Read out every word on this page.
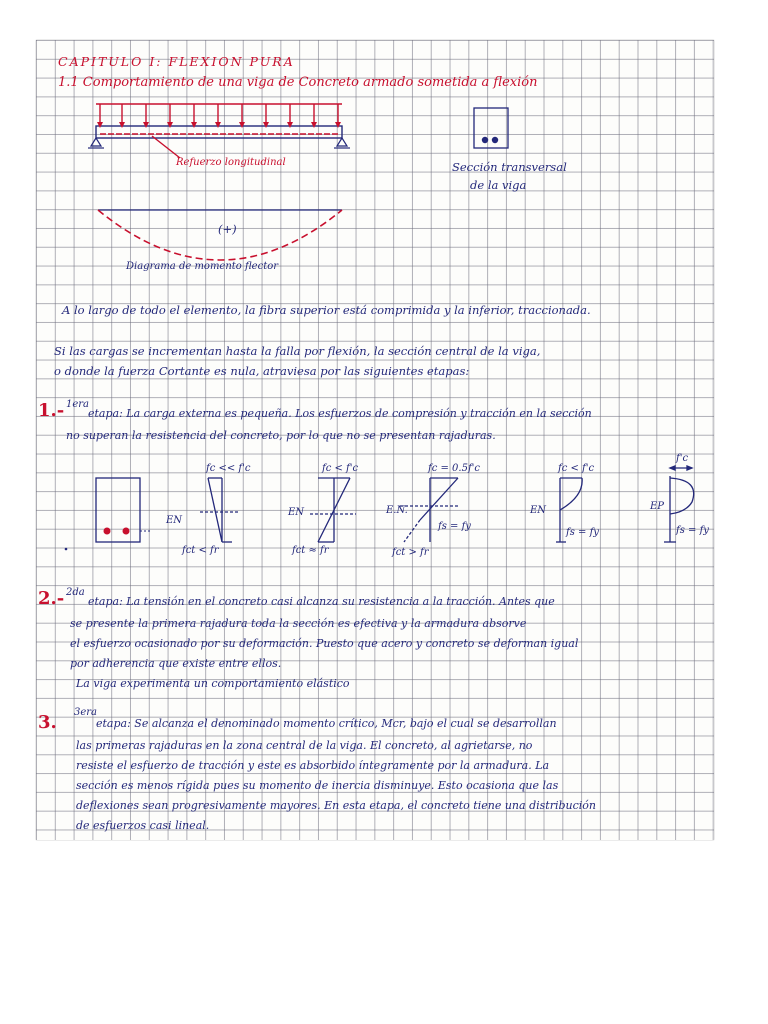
CAPITULO I: FLEXION PURA
1.1 Comportamiento de una viga de Concreto armado sometida a flexión
Refuerzo longitudinal	Sección transversal
de la viga
(+)
Diagrama de momento flector
A lo largo de todo el elemento, la fibra superior está comprimida y la inferior, traccionada.
Si las cargas se incrementan hasta la falla por flexión, la sección central de la viga,
o donde la fuerza Cortante es nula, atraviesa por las siguientes etapas:
1.- 1era
etapa: La carga externa es pequeña. Los esfuerzos de compresión y tracción en la sección
no superan la resistencia del concreto, por lo que no se presentan rajaduras.
fc << f'c
EN
fct < fr
fc < f'c
EN
fct ≈ fr
fc = 0.5f'c
E.N.
fs = fy
fct > fr
fc < f'c
EN
fs = fy
f'c
EP
fs = fy
2.- 2da
etapa: La tensión en el concreto casi alcanza su resistencia a la tracción. Antes que
se presente la primera rajadura toda la sección es efectiva y la armadura absorve
el esfuerzo ocasionado por su deformación. Puesto que acero y concreto se deforman igual
por adherencia que existe entre ellos.
La viga experimenta un comportamiento elástico
3. 3era
etapa: Se alcanza el denominado momento crítico, Mcr, bajo el cual se desarrollan
las primeras rajaduras en la zona central de la viga. El concreto, al agrietarse, no
resiste el esfuerzo de tracción y este es absorbido íntegramente por la armadura. La
sección es menos rígida pues su momento de inercia disminuye. Esto ocasiona que las
deflexiones sean progresivamente mayores. En esta etapa, el concreto tiene una distribución
de esfuerzos casi lineal.
